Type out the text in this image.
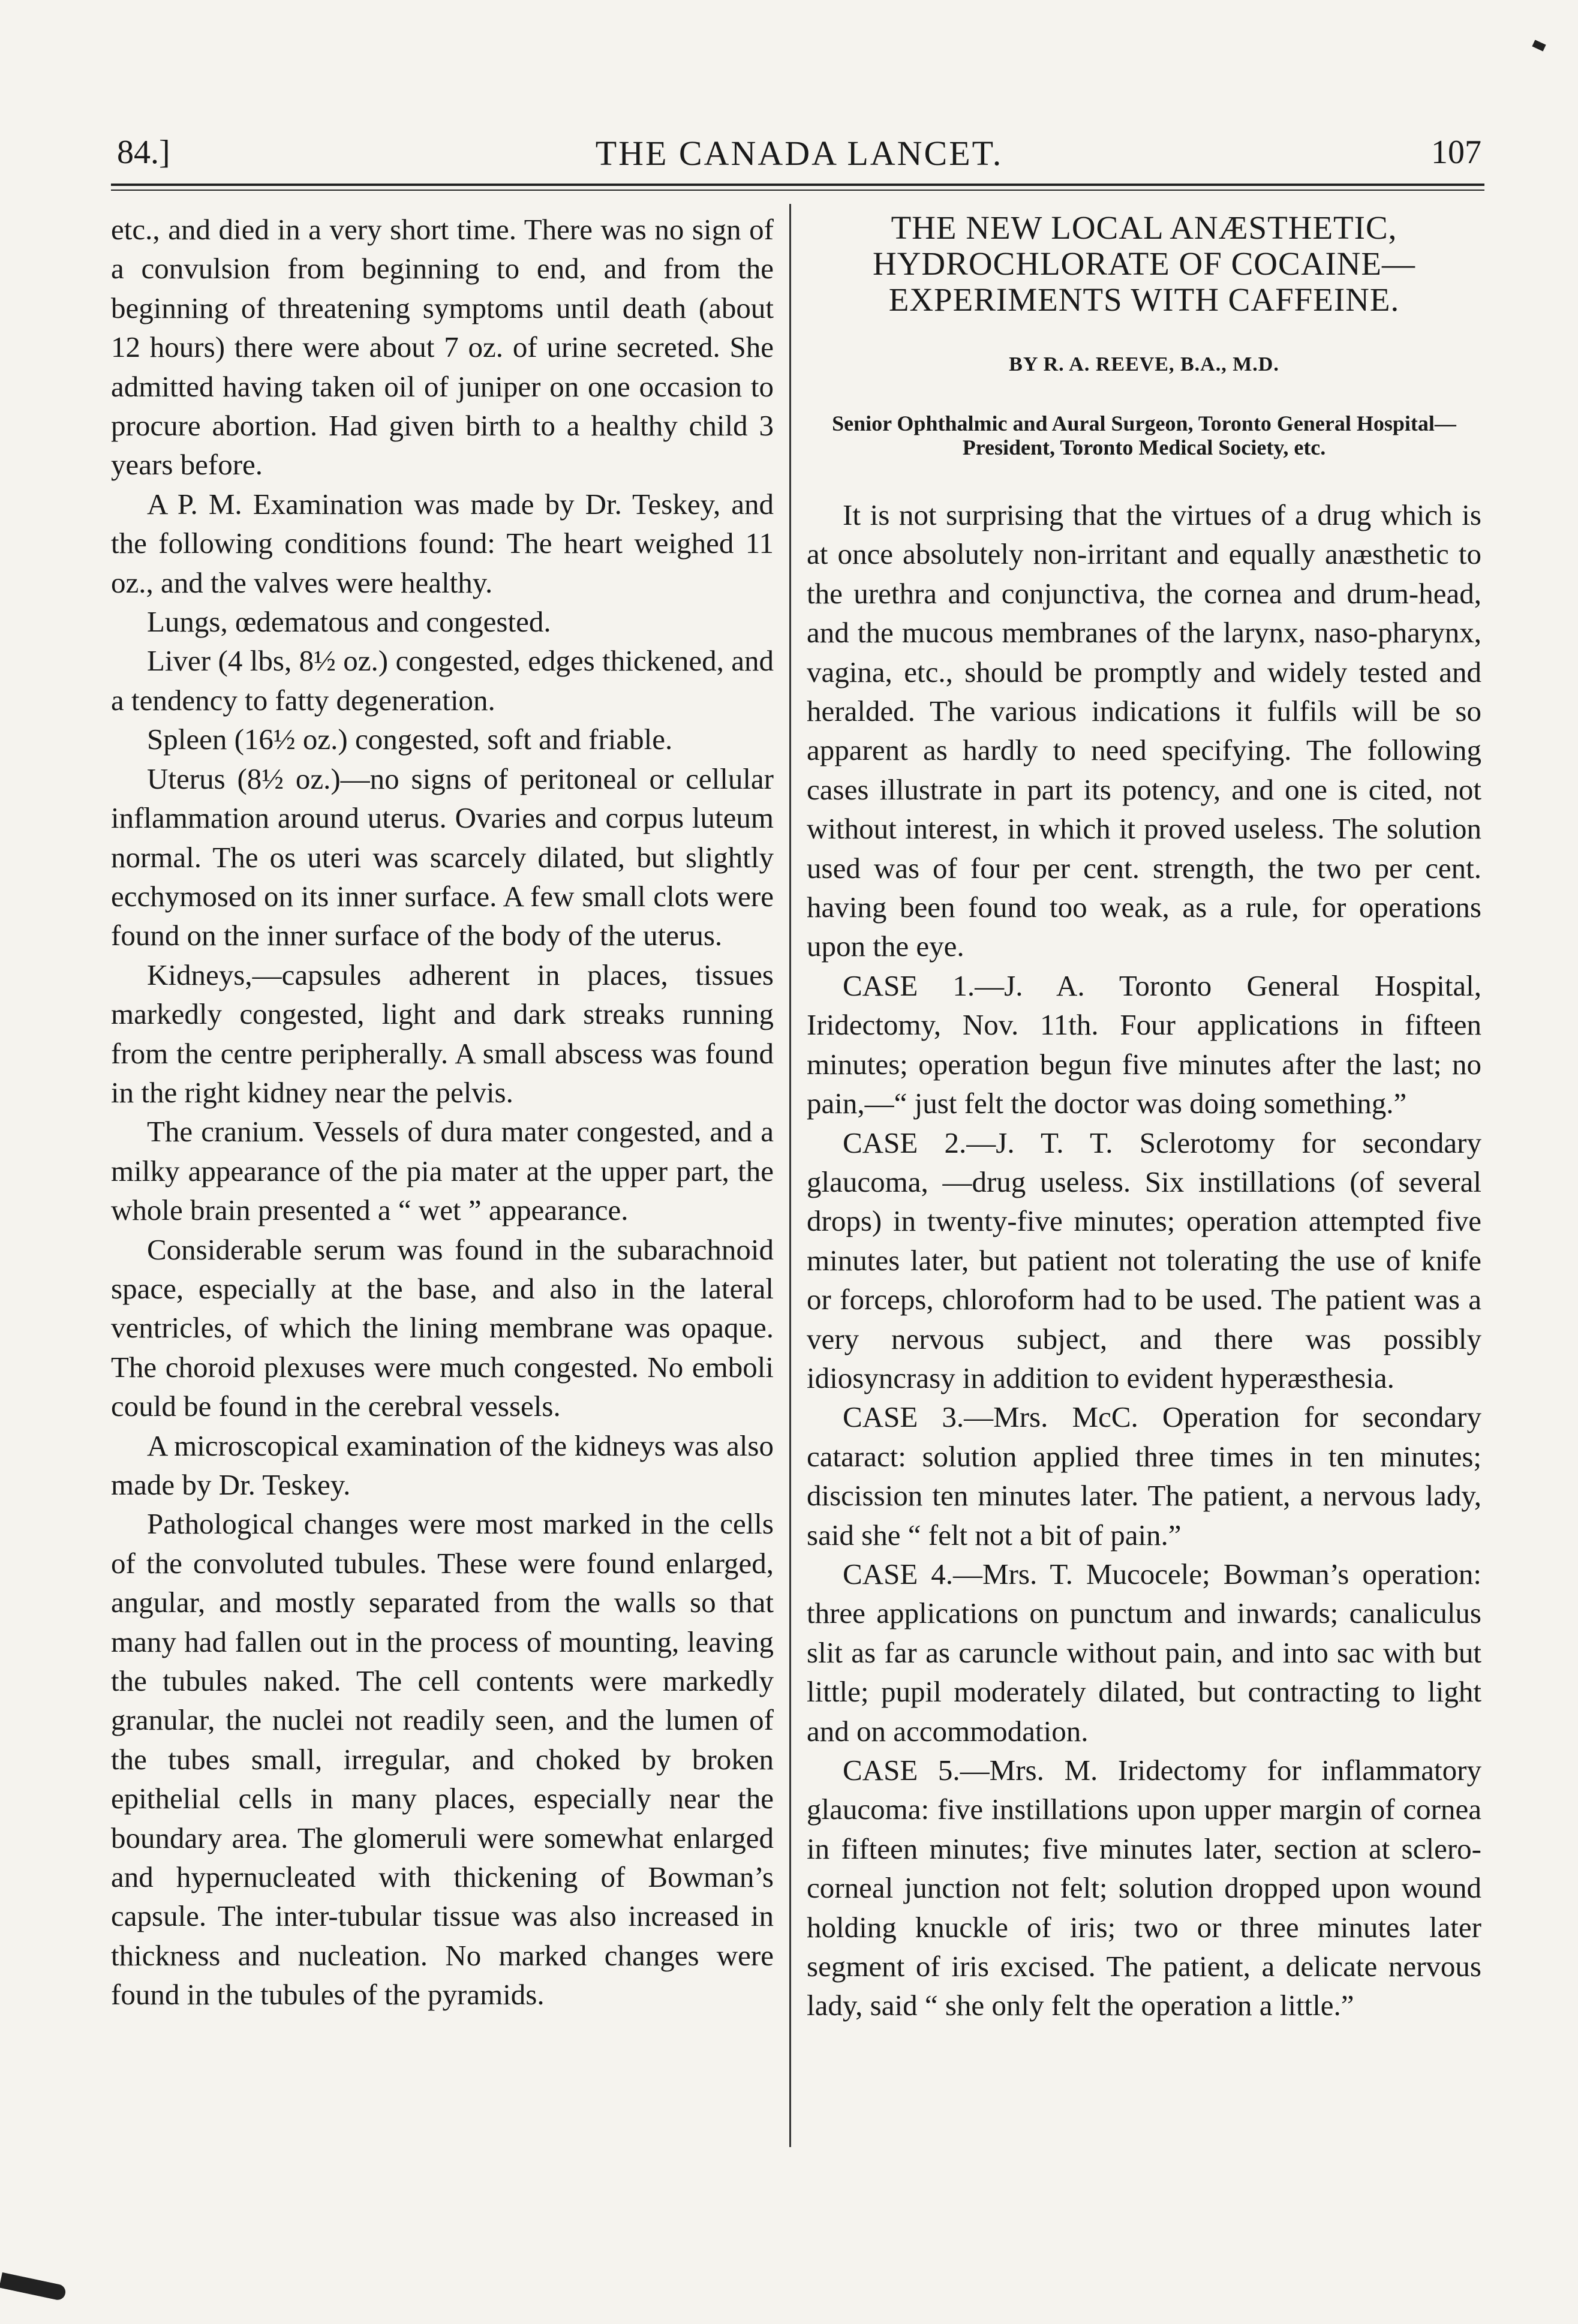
84.]	THE CANADA LANCET.	107

etc., and died in a very short time. There was no sign of a convulsion from beginning to end, and from the beginning of threatening symptoms until death (about 12 hours) there were about 7 oz. of urine secreted. She admitted having taken oil of juniper on one occasion to procure abortion. Had given birth to a healthy child 3 years before.

A P. M. Examination was made by Dr. Teskey, and the following conditions found: The heart weighed 11 oz., and the valves were healthy.

Lungs, œdematous and congested.

Liver (4 lbs, 8½ oz.) congested, edges thickened, and a tendency to fatty degeneration.

Spleen (16½ oz.) congested, soft and friable.

Uterus (8½ oz.)—no signs of peritoneal or cellular inflammation around uterus. Ovaries and corpus luteum normal. The os uteri was scarcely dilated, but slightly ecchymosed on its inner surface. A few small clots were found on the inner surface of the body of the uterus.

Kidneys,—capsules adherent in places, tissues markedly congested, light and dark streaks running from the centre peripherally. A small abscess was found in the right kidney near the pelvis.

The cranium. Vessels of dura mater congested, and a milky appearance of the pia mater at the upper part, the whole brain presented a “ wet ” appearance.

Considerable serum was found in the subarachnoid space, especially at the base, and also in the lateral ventricles, of which the lining membrane was opaque. The choroid plexuses were much congested. No emboli could be found in the cerebral vessels.

A microscopical examination of the kidneys was also made by Dr. Teskey.

Pathological changes were most marked in the cells of the convoluted tubules. These were found enlarged, angular, and mostly separated from the walls so that many had fallen out in the process of mounting, leaving the tubules naked. The cell contents were markedly granular, the nuclei not readily seen, and the lumen of the tubes small, irregular, and choked by broken epithelial cells in many places, especially near the boundary area. The glomeruli were somewhat enlarged and hypernucleated with thickening of Bowman’s capsule. The inter-tubular tissue was also increased in thickness and nucleation. No marked changes were found in the tubules of the pyramids.

THE NEW LOCAL ANÆSTHETIC, HYDROCHLORATE OF COCAINE—EXPERIMENTS WITH CAFFEINE.
BY R. A. REEVE, B.A., M.D.
Senior Ophthalmic and Aural Surgeon, Toronto General Hospital—President, Toronto Medical Society, etc.

It is not surprising that the virtues of a drug which is at once absolutely non-irritant and equally anæsthetic to the urethra and conjunctiva, the cornea and drum-head, and the mucous membranes of the larynx, naso-pharynx, vagina, etc., should be promptly and widely tested and heralded. The various indications it fulfils will be so apparent as hardly to need specifying. The following cases illustrate in part its potency, and one is cited, not without interest, in which it proved useless. The solution used was of four per cent. strength, the two per cent. having been found too weak, as a rule, for operations upon the eye.

CASE 1.—J. A. Toronto General Hospital, Iridectomy, Nov. 11th. Four applications in fifteen minutes; operation begun five minutes after the last; no pain,—“ just felt the doctor was doing something.”

CASE 2.—J. T. T. Sclerotomy for secondary glaucoma, —drug useless. Six instillations (of several drops) in twenty-five minutes; operation attempted five minutes later, but patient not tolerating the use of knife or forceps, chloroform had to be used. The patient was a very nervous subject, and there was possibly idiosyncrasy in addition to evident hyperæsthesia.

CASE 3.—Mrs. McC. Operation for secondary cataract: solution applied three times in ten minutes; discission ten minutes later. The patient, a nervous lady, said she “ felt not a bit of pain.”

CASE 4.—Mrs. T. Mucocele; Bowman’s operation: three applications on punctum and inwards; canaliculus slit as far as caruncle without pain, and into sac with but little; pupil moderately dilated, but contracting to light and on accommodation.

CASE 5.—Mrs. M. Iridectomy for inflammatory glaucoma: five instillations upon upper margin of cornea in fifteen minutes; five minutes later, section at sclero-corneal junction not felt; solution dropped upon wound holding knuckle of iris; two or three minutes later segment of iris excised. The patient, a delicate nervous lady, said “ she only felt the operation a little.”
